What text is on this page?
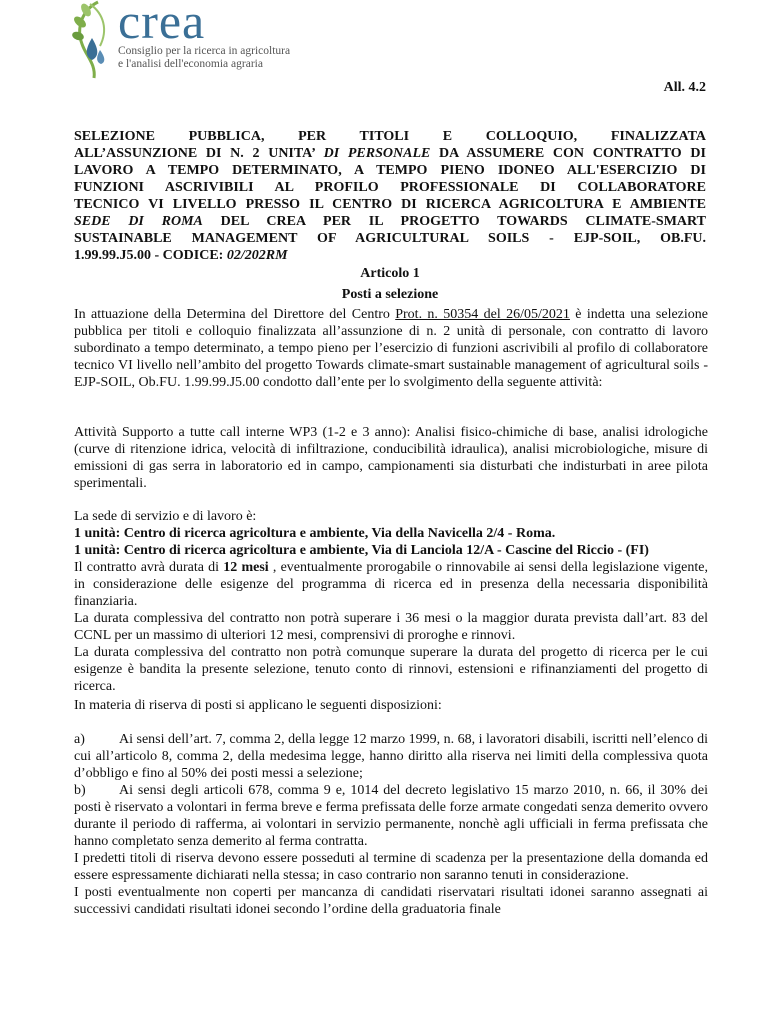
crea
Consiglio per la ricerca in agricoltura
e l'analisi dell'economia agraria
All. 4.2
SELEZIONE PUBBLICA, PER TITOLI E COLLOQUIO, FINALIZZATA
ALL’ASSUNZIONE DI N. 2 UNITA’ DI PERSONALE DA ASSUMERE CON CONTRATTO DI
LAVORO A TEMPO DETERMINATO, A TEMPO PIENO IDONEO ALL'ESERCIZIO DI
FUNZIONI ASCRIVIBILI AL PROFILO PROFESSIONALE DI COLLABORATORE
TECNICO VI LIVELLO PRESSO IL CENTRO DI RICERCA AGRICOLTURA E AMBIENTE
SEDE DI ROMA DEL CREA PER IL PROGETTO TOWARDS CLIMATE-SMART
SUSTAINABLE MANAGEMENT OF AGRICULTURAL SOILS - EJP-SOIL, OB.FU.
1.99.99.J5.00 - CODICE: 02/202RM
Articolo 1
Posti a selezione

In attuazione della Determina del Direttore del Centro Prot. n. 50354 del 26/05/2021 è indetta una selezione pubblica per titoli e colloquio finalizzata all’assunzione di n. 2 unità di personale, con contratto di lavoro subordinato a tempo determinato, a tempo pieno per l’esercizio di funzioni ascrivibili al profilo di collaboratore tecnico VI livello nell’ambito del progetto Towards climate-smart sustainable management of agricultural soils - EJP-SOIL, Ob.FU. 1.99.99.J5.00 condotto dall’ente per lo svolgimento della seguente attività:

Attività Supporto a tutte call interne WP3 (1-2 e 3 anno): Analisi fisico-chimiche di base, analisi idrologiche (curve di ritenzione idrica, velocità di infiltrazione, conducibilità idraulica), analisi microbiologiche, misure di emissioni di gas serra in laboratorio ed in campo, campionamenti sia disturbati che indisturbati in aree pilota sperimentali.

La sede di servizio e di lavoro è:

1 unità: Centro di ricerca agricoltura e ambiente, Via della Navicella 2/4 - Roma.

1 unità: Centro di ricerca agricoltura e ambiente, Via di Lanciola 12/A - Cascine del Riccio - (FI)

Il contratto avrà durata di 12 mesi , eventualmente prorogabile o rinnovabile ai sensi della legislazione vigente, in considerazione delle esigenze del programma di ricerca ed in presenza della necessaria disponibilità finanziaria.

La durata complessiva del contratto non potrà superare i 36 mesi o la maggior durata prevista dall’art. 83 del CCNL per un massimo di ulteriori 12 mesi, comprensivi di proroghe e rinnovi.

La durata complessiva del contratto non potrà comunque superare la durata del progetto di ricerca per le cui esigenze è bandita la presente selezione, tenuto conto di rinnovi, estensioni e rifinanziamenti del progetto di ricerca.

In materia di riserva di posti si applicano le seguenti disposizioni:

a) Ai sensi dell’art. 7, comma 2, della legge 12 marzo 1999, n. 68, i lavoratori disabili, iscritti nell’elenco di cui all’articolo 8, comma 2, della medesima legge, hanno diritto alla riserva nei limiti della complessiva quota d’obbligo e fino al 50% dei posti messi a selezione;

b) Ai sensi degli articoli 678, comma 9 e, 1014 del decreto legislativo 15 marzo 2010, n. 66, il 30% dei posti è riservato a volontari in ferma breve e ferma prefissata delle forze armate congedati senza demerito ovvero durante il periodo di rafferma, ai volontari in servizio permanente, nonchè agli ufficiali in ferma prefissata che hanno completato senza demerito al ferma contratta.

I predetti titoli di riserva devono essere posseduti al termine di scadenza per la presentazione della domanda ed essere espressamente dichiarati nella stessa; in caso contrario non saranno tenuti in considerazione.

I posti eventualmente non coperti per mancanza di candidati riservatari risultati idonei saranno assegnati ai successivi candidati risultati idonei secondo l’ordine della graduatoria finale
